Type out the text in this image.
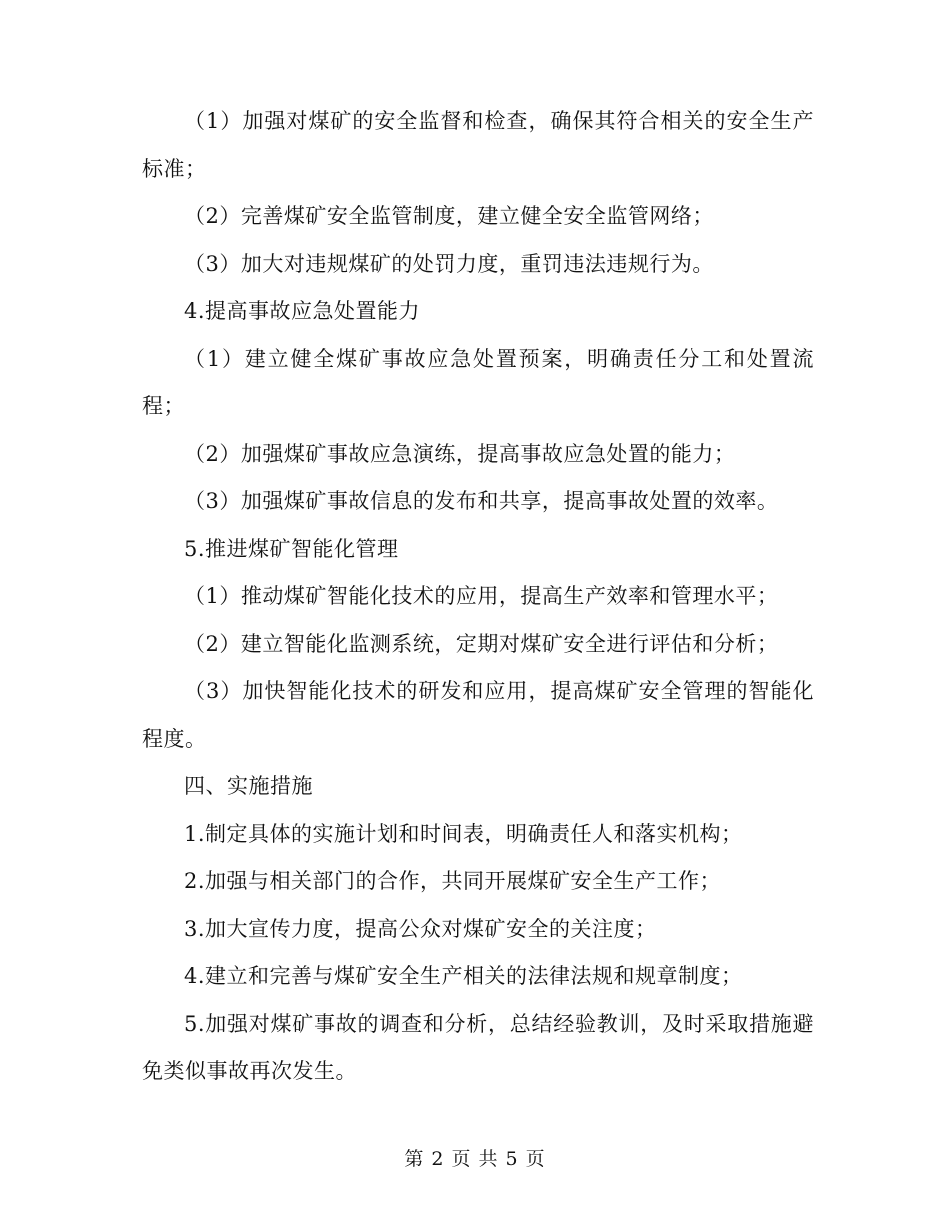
（1）加强对煤矿的安全监督和检查，确保其符合相关的安全生产标准；

（2）完善煤矿安全监管制度，建立健全安全监管网络；

（3）加大对违规煤矿的处罚力度，重罚违法违规行为。

4.提高事故应急处置能力

（1）建立健全煤矿事故应急处置预案，明确责任分工和处置流程；

（2）加强煤矿事故应急演练，提高事故应急处置的能力；

（3）加强煤矿事故信息的发布和共享，提高事故处置的效率。

5.推进煤矿智能化管理

（1）推动煤矿智能化技术的应用，提高生产效率和管理水平；

（2）建立智能化监测系统，定期对煤矿安全进行评估和分析；

（3）加快智能化技术的研发和应用，提高煤矿安全管理的智能化程度。

四、实施措施

1.制定具体的实施计划和时间表，明确责任人和落实机构；

2.加强与相关部门的合作，共同开展煤矿安全生产工作；

3.加大宣传力度，提高公众对煤矿安全的关注度；

4.建立和完善与煤矿安全生产相关的法律法规和规章制度；

5.加强对煤矿事故的调查和分析，总结经验教训，及时采取措施避免类似事故再次发生。

第 2 页 共 5 页
